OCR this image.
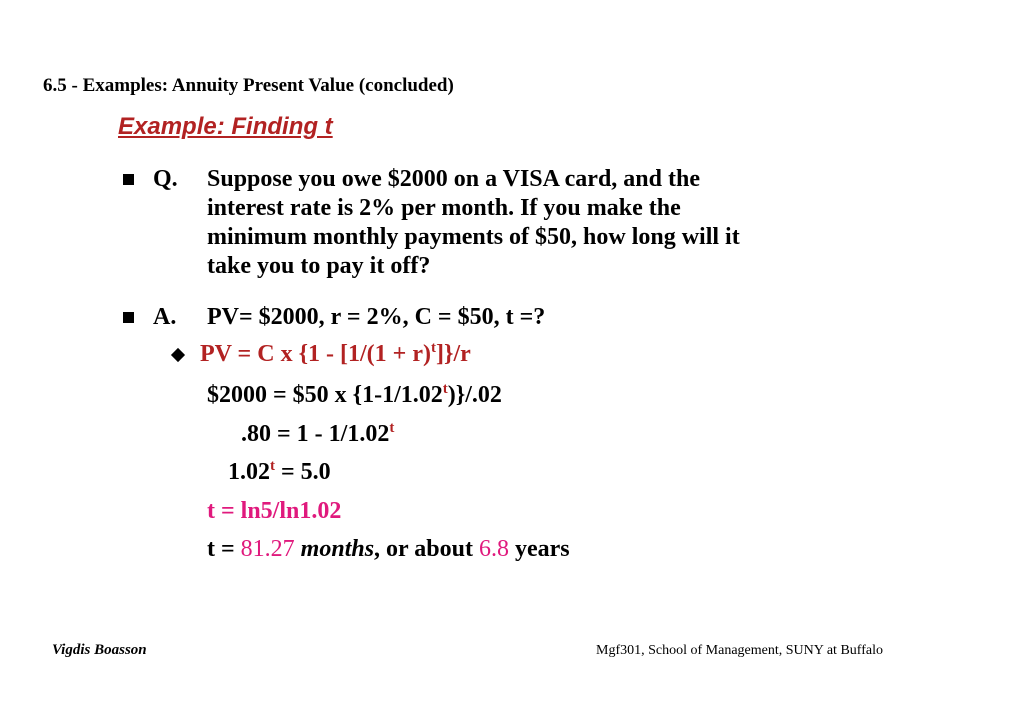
6.5 - Examples: Annuity Present Value (concluded)
Example: Finding t
Q. Suppose you owe $2000 on a VISA card, and the
interest rate is 2% per month. If you make the
minimum monthly payments of $50, how long will it
take you to pay it off?
A. PV= $2000, r = 2%, C = $50, t =?
PV = C x $\{1 - [1/(1 + r)^t]\}/r$
$2000 = $50 x {1-1/1.02$^t$)}/.02
.80 = 1 - 1/1.02$^t$
$1.02^t = 5.0$
t = ln5/ln1.02
t = 81.27 months, or about 6.8 years
Vigdis Boasson	Mgf301, School of Management, SUNY at Buffalo
